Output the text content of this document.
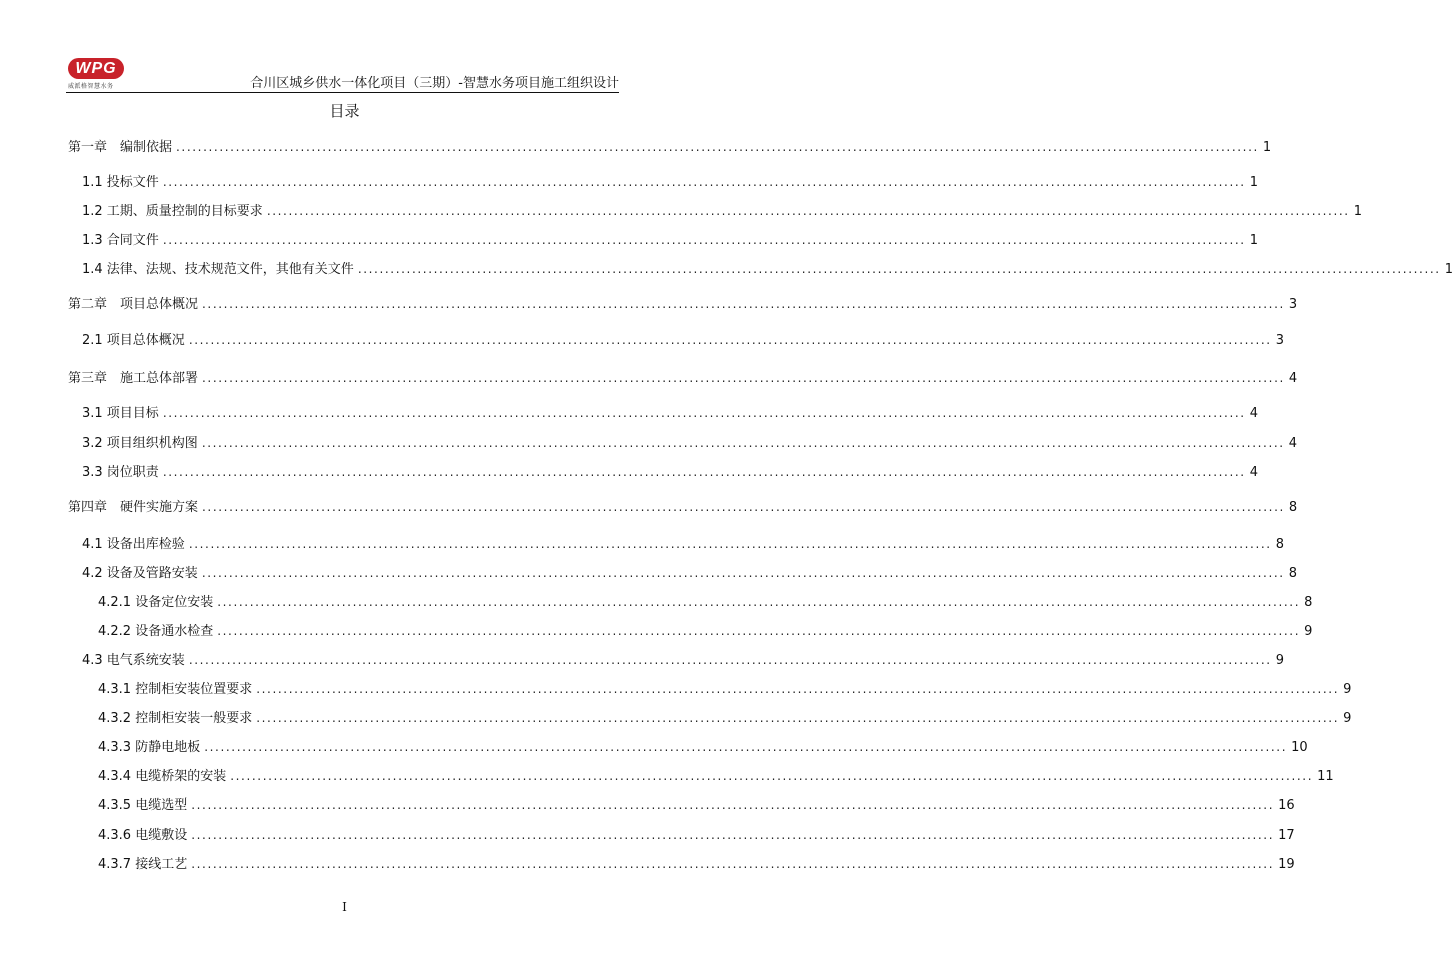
WPG
威派格智慧水务	合川区城乡供水一体化项目（三期）-智慧水务项目施工组织设计
目录
第一章　编制依据 ........................................................................................................................................................................................................ 1
1.1 投标文件 ........................................................................................................................................................................................................ 1
1.2 工期、质量控制的目标要求 ........................................................................................................................................................................................................ 1
1.3 合同文件 ........................................................................................................................................................................................................ 1
1.4 法律、法规、技术规范文件，其他有关文件 ........................................................................................................................................................................................................ 1
第二章　项目总体概况 ........................................................................................................................................................................................................ 3
2.1 项目总体概况 ........................................................................................................................................................................................................ 3
第三章　施工总体部署 ........................................................................................................................................................................................................ 4
3.1 项目目标 ........................................................................................................................................................................................................ 4
3.2 项目组织机构图 ........................................................................................................................................................................................................ 4
3.3 岗位职责 ........................................................................................................................................................................................................ 4
第四章　硬件实施方案 ........................................................................................................................................................................................................ 8
4.1 设备出库检验 ........................................................................................................................................................................................................ 8
4.2 设备及管路安装 ........................................................................................................................................................................................................ 8
4.2.1 设备定位安装 ........................................................................................................................................................................................................ 8
4.2.2 设备通水检查 ........................................................................................................................................................................................................ 9
4.3 电气系统安装 ........................................................................................................................................................................................................ 9
4.3.1 控制柜安装位置要求 ........................................................................................................................................................................................................ 9
4.3.2 控制柜安装一般要求 ........................................................................................................................................................................................................ 9
4.3.3 防静电地板 ........................................................................................................................................................................................................ 10
4.3.4 电缆桥架的安装 ........................................................................................................................................................................................................ 11
4.3.5 电缆选型 ........................................................................................................................................................................................................ 16
4.3.6 电缆敷设 ........................................................................................................................................................................................................ 17
4.3.7 接线工艺 ........................................................................................................................................................................................................ 19
I
